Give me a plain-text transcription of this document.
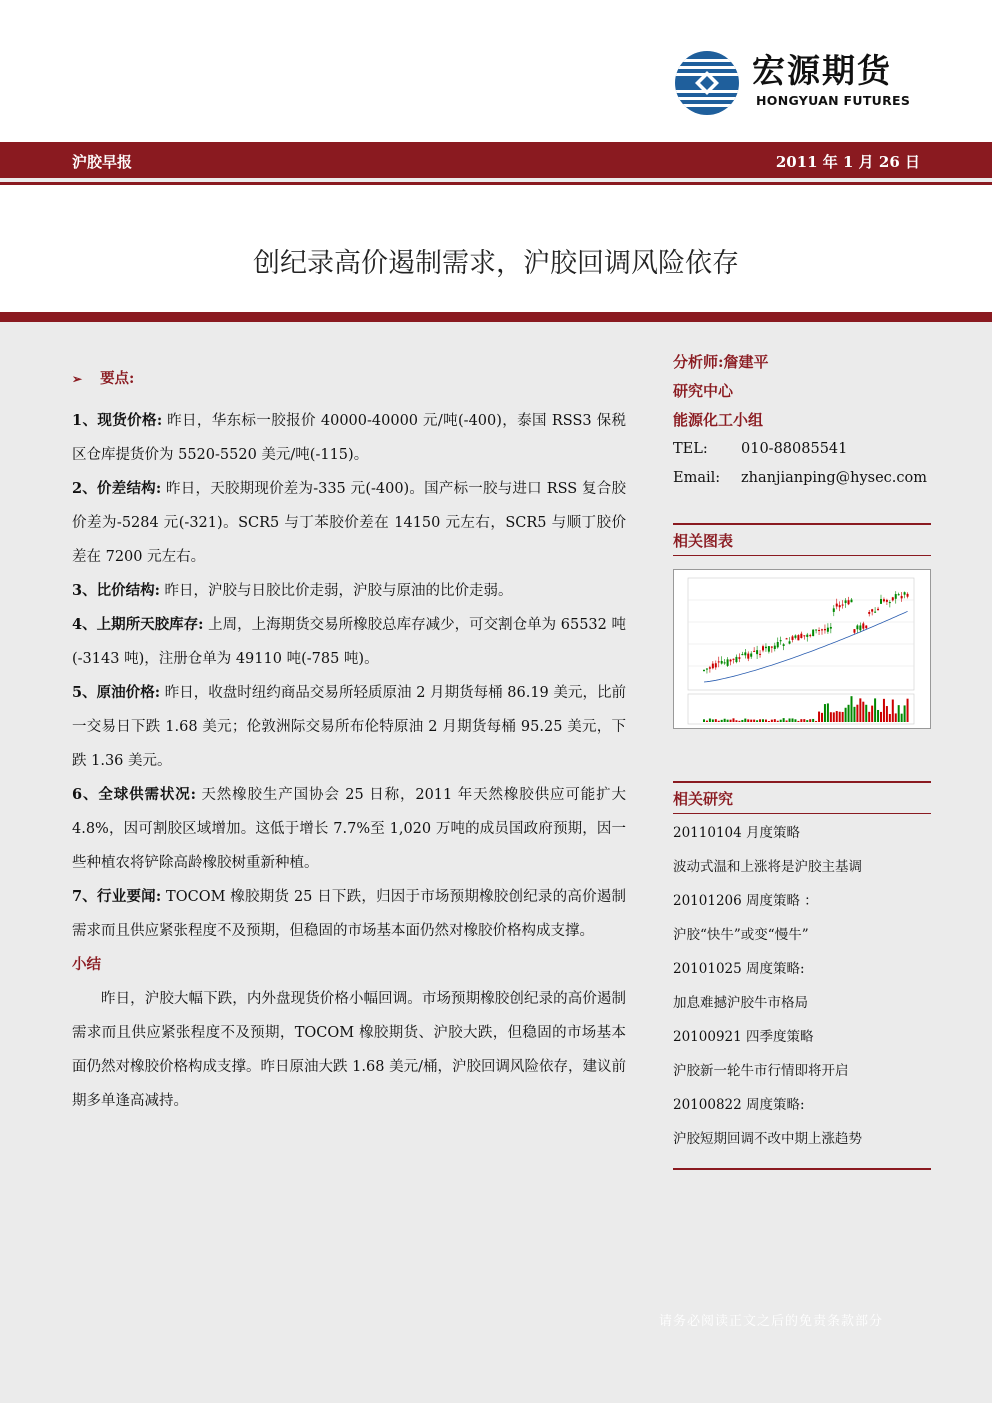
宏源期货
HONGYUAN FUTURES
沪胶早报	2011 年 1 月 26 日
创纪录高价遏制需求，沪胶回调风险依存

➢ 要点:

1、现货价格: 昨日，华东标一胶报价 40000-40000 元/吨(-400)，泰国 RSS3 保税区仓库提货价为 5520-5520 美元/吨(-115)。

2、价差结构: 昨日，天胶期现价差为-335 元(-400)。国产标一胶与进口 RSS 复合胶价差为-5284 元(-321)。SCR5 与丁苯胶价差在 14150 元左右，SCR5 与顺丁胶价差在 7200 元左右。

3、比价结构: 昨日，沪胶与日胶比价走弱，沪胶与原油的比价走弱。

4、上期所天胶库存: 上周，上海期货交易所橡胶总库存减少，可交割仓单为 65532 吨(-3143 吨)，注册仓单为 49110 吨(-785 吨)。

5、原油价格: 昨日，收盘时纽约商品交易所轻质原油 2 月期货每桶 86.19 美元，比前一交易日下跌 1.68 美元；伦敦洲际交易所布伦特原油 2 月期货每桶 95.25 美元，下跌 1.36 美元。

6、全球供需状况: 天然橡胶生产国协会 25 日称，2011 年天然橡胶供应可能扩大 4.8%，因可割胶区域增加。这低于增长 7.7%至 1,020 万吨的成员国政府预期，因一些种植农将铲除高龄橡胶树重新种植。

7、行业要闻: TOCOM 橡胶期货 25 日下跌，归因于市场预期橡胶创纪录的高价遏制需求而且供应紧张程度不及预期，但稳固的市场基本面仍然对橡胶价格构成支撑。

小结

昨日，沪胶大幅下跌，内外盘现货价格小幅回调。市场预期橡胶创纪录的高价遏制需求而且供应紧张程度不及预期，TOCOM 橡胶期货、沪胶大跌，但稳固的市场基本面仍然对橡胶价格构成支撑。昨日原油大跌 1.68 美元/桶，沪胶回调风险依存，建议前期多单逢高减持。

分析师:詹建平
研究中心
能源化工小组
TEL:	010-88085541
Email:	zhanjianping@hysec.com
相关图表
相关研究
20110104 月度策略
波动式温和上涨将是沪胶主基调
20101206 周度策略 ：
沪胶“快牛”或变“慢牛”
20101025 周度策略:
加息难撼沪胶牛市格局
20100921 四季度策略
沪胶新一轮牛市行情即将开启
20100822 周度策略:
沪胶短期回调不改中期上涨趋势
请务必阅读正文之后的免责条款部分
